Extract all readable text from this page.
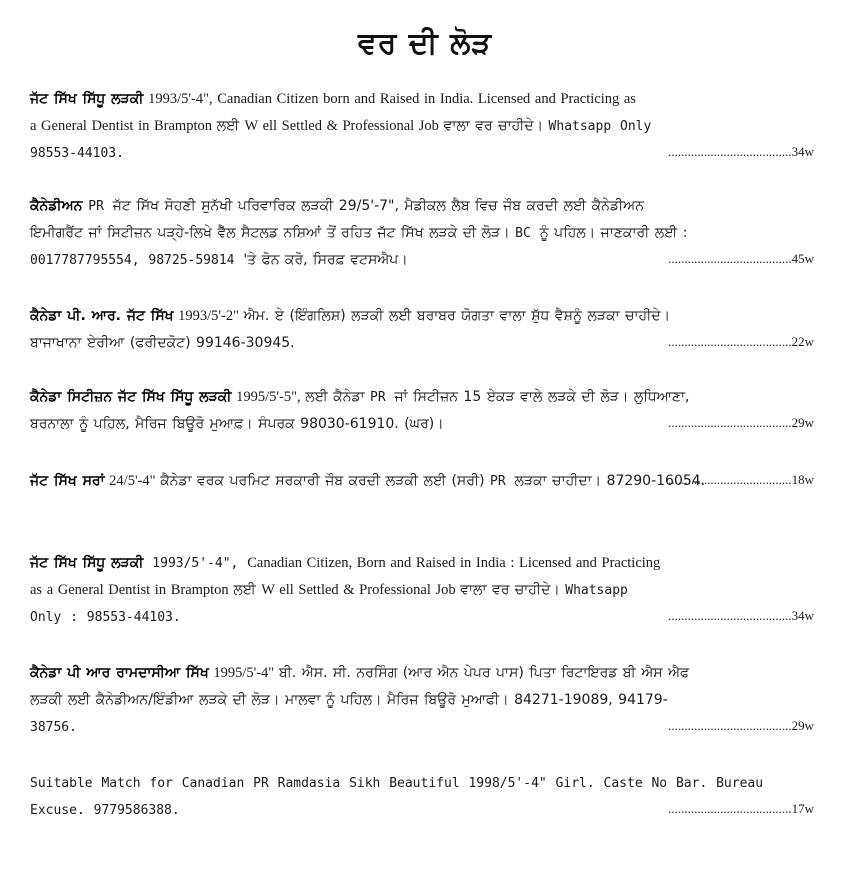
ਵਰ ਦੀ ਲੋੜ
ਜੱਟ ਸਿੱਖ ਸਿੱਧੂ ਲੜਕੀ 1993/5'-4", Canadian Citizen born and Raised in India. Licensed and Practicing as
a General Dentist in Brampton ਲਈ W ell Settled & Professional Job ਵਾਲਾ ਵਰ ਚਾਹੀਦੇ। Whatsapp Only
98553-44103.	......................................34w
ਕੈਨੇਡੀਅਨ PR ਜੱਟ ਸਿੱਖ ਸੋਹਣੀ ਸੁਨੱਖੀ ਪਰਿਵਾਰਿਕ ਲੜਕੀ 29/5'-7", ਮੈਡੀਕਲ ਲੈਬ ਵਿਚ ਜੌਬ ਕਰਦੀ ਲਈ ਕੈਨੇਡੀਅਨ
ਇਮੀਗਰੈਂਟ ਜਾਂ ਸਿਟੀਜ਼ਨ ਪੜ੍ਹੇ-ਲਿਖੇ ਵੈੱਲ ਸੈਟਲਡ ਨਸ਼ਿਆਂ ਤੋਂ ਰਹਿਤ ਜੱਟ ਸਿੱਖ ਲੜਕੇ ਦੀ ਲੋੜ। BC ਨੂੰ ਪਹਿਲ। ਜਾਣਕਾਰੀ ਲਈ :
0017787795554, 98725-59814 'ਤੇ ਫੋਨ ਕਰੋ, ਸਿਰਫ਼ ਵਟਸਐਪ।	......................................45w
ਕੈਨੇਡਾ ਪੀ. ਆਰ. ਜੱਟ ਸਿੱਖ 1993/5'-2" ਐਮ. ਏ (ਇੰਗਲਿਸ਼) ਲੜਕੀ ਲਈ ਬਰਾਬਰ ਯੋਗਤਾ ਵਾਲਾ ਸ਼ੁੱਧ ਵੈਸ਼ਨੂੰ ਲੜਕਾ ਚਾਹੀਦੇ।
ਬਾਜਾਖਾਨਾ ਏਰੀਆ (ਫਰੀਦਕੋਟ) 99146-30945.	......................................22w
ਕੈਨੇਡਾ ਸਿਟੀਜ਼ਨ ਜੱਟ ਸਿੱਖ ਸਿੱਧੂ ਲੜਕੀ 1995/5'-5", ਲਈ ਕੈਨੇਡਾ PR ਜਾਂ ਸਿਟੀਜ਼ਨ 15 ਏਕੜ ਵਾਲੇ ਲੜਕੇ ਦੀ ਲੋੜ। ਲੁਧਿਆਣਾ,
ਬਰਨਾਲਾ ਨੂੰ ਪਹਿਲ, ਮੈਰਿਜ ਬਿਊਰੋ ਮੁਆਫ਼। ਸੰਪਰਕ 98030-61910. (ਘਰ)।	......................................29w
ਜੱਟ ਸਿੱਖ ਸਰਾਂ 24/5'-4" ਕੈਨੇਡਾ ਵਰਕ ਪਰਮਿਟ ਸਰਕਾਰੀ ਜੌਬ ਕਰਦੀ ਲੜਕੀ ਲਈ (ਸਰੀ) PR ਲੜਕਾ ਚਾਹੀਦਾ। 87290-16054.
......................................18w
ਜੱਟ ਸਿੱਖ ਸਿੱਧੂ ਲੜਕੀ 1993/5'-4", Canadian Citizen, Born and Raised in India : Licensed and Practicing
as a General Dentist in Brampton ਲਈ W ell Settled & Professional Job ਵਾਲਾ ਵਰ ਚਾਹੀਦੇ। Whatsapp
Only : 98553-44103.	......................................34w
ਕੈਨੇਡਾ ਪੀ ਆਰ ਰਾਮਦਾਸੀਆ ਸਿੱਖ 1995/5'-4" ਬੀ. ਐਸ. ਸੀ. ਨਰਸਿੰਗ (ਆਰ ਐਨ ਪੇਪਰ ਪਾਸ) ਪਿਤਾ ਰਿਟਾਇਰਡ ਬੀ ਐਸ ਐਫ
ਲੜਕੀ ਲਈ ਕੈਨੇਡੀਅਨ/ਇੰਡੀਆ ਲੜਕੇ ਦੀ ਲੋੜ। ਮਾਲਵਾ ਨੂੰ ਪਹਿਲ। ਮੈਰਿਜ ਬਿਊਰੋ ਮੁਆਫੀ। 84271-19089, 94179-
38756.	......................................29w
Suitable Match for Canadian PR Ramdasia Sikh Beautiful 1998/5'-4" Girl. Caste No Bar. Bureau
Excuse. 9779586388.	......................................17w
